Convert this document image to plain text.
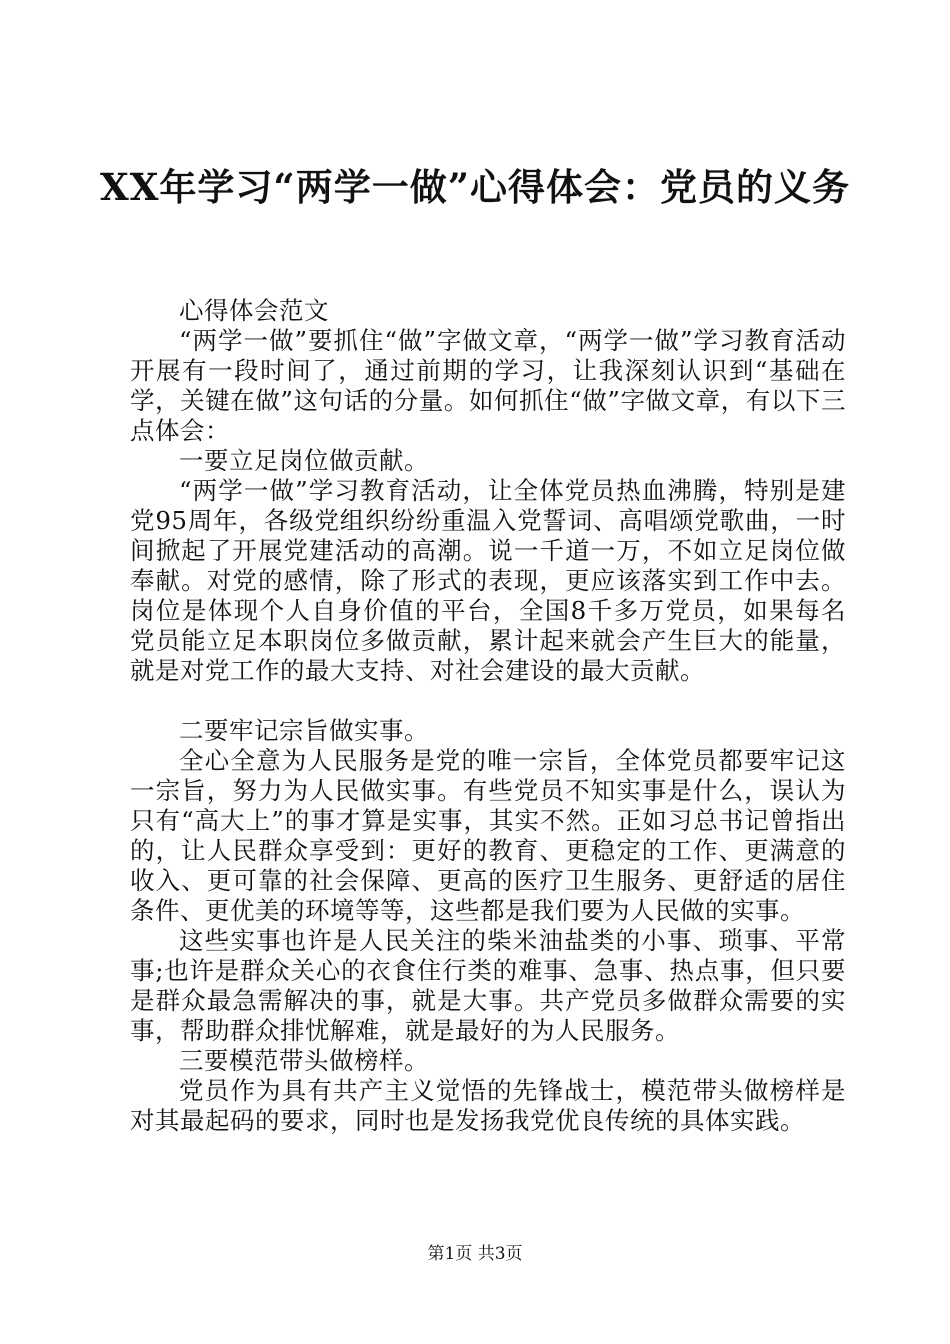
XX年学习“两学一做”心得体会：党员的义务

心得体会范文

“两学一做”要抓住“做”字做文章，“两学一做”学习教育活动开展有一段时间了，通过前期的学习，让我深刻认识到“基础在学，关键在做”这句话的分量。如何抓住“做”字做文章，有以下三点体会：

一要立足岗位做贡献。

“两学一做”学习教育活动，让全体党员热血沸腾，特别是建党95周年，各级党组织纷纷重温入党誓词、高唱颂党歌曲，一时间掀起了开展党建活动的高潮。说一千道一万，不如立足岗位做奉献。对党的感情，除了形式的表现，更应该落实到工作中去。岗位是体现个人自身价值的平台，全国8千多万党员，如果每名党员能立足本职岗位多做贡献，累计起来就会产生巨大的能量，就是对党工作的最大支持、对社会建设的最大贡献。

二要牢记宗旨做实事。

全心全意为人民服务是党的唯一宗旨，全体党员都要牢记这一宗旨，努力为人民做实事。有些党员不知实事是什么，误认为只有“高大上”的事才算是实事，其实不然。正如习总书记曾指出的，让人民群众享受到：更好的教育、更稳定的工作、更满意的收入、更可靠的社会保障、更高的医疗卫生服务、更舒适的居住条件、更优美的环境等等，这些都是我们要为人民做的实事。

这些实事也许是人民关注的柴米油盐类的小事、琐事、平常事;也许是群众关心的衣食住行类的难事、急事、热点事，但只要是群众最急需解决的事，就是大事。共产党员多做群众需要的实事，帮助群众排忧解难，就是最好的为人民服务。

三要模范带头做榜样。

党员作为具有共产主义觉悟的先锋战士，模范带头做榜样是对其最起码的要求，同时也是发扬我党优良传统的具体实践。

第1页 共3页
